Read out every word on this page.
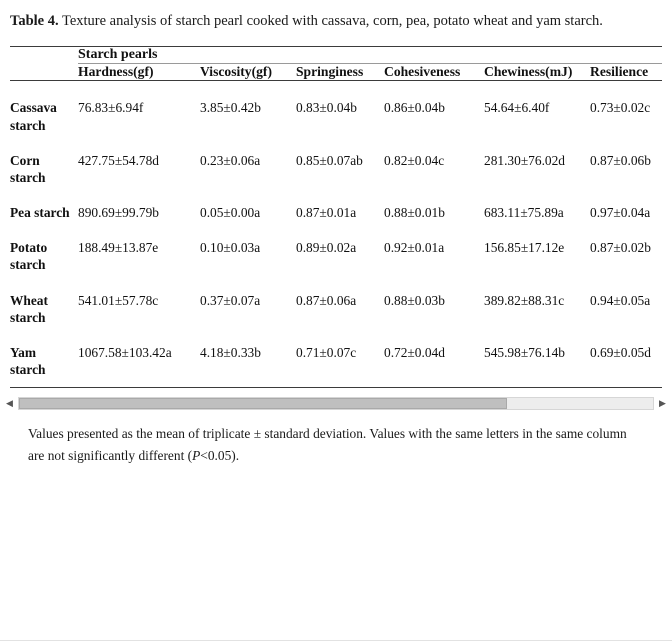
Table 4. Texture analysis of starch pearl cooked with cassava, corn, pea, potato wheat and yam starch.
	Starch pearls					
	Hardness(gf)	Viscosity(gf)	Springiness	Cohesiveness	Chewiness(mJ)	Resilience

Cassava starch	76.83±6.94f	3.85±0.42b	0.83±0.04b	0.86±0.04b	54.64±6.40f	0.73±0.02c
Corn starch	427.75±54.78d	0.23±0.06a	0.85±0.07ab	0.82±0.04c	281.30±76.02d	0.87±0.06b
Pea starch	890.69±99.79b	0.05±0.00a	0.87±0.01a	0.88±0.01b	683.11±75.89a	0.97±0.04a
Potato starch	188.49±13.87e	0.10±0.03a	0.89±0.02a	0.92±0.01a	156.85±17.12e	0.87±0.02b
Wheat starch	541.01±57.78c	0.37±0.07a	0.87±0.06a	0.88±0.03b	389.82±88.31c	0.94±0.05a
Yam starch	1067.58±103.42a	4.18±0.33b	0.71±0.07c	0.72±0.04d	545.98±76.14b	0.69±0.05d
◀	▶
Values presented as the mean of triplicate ± standard deviation. Values with the same letters in the same column are not significantly different (P<0.05).
